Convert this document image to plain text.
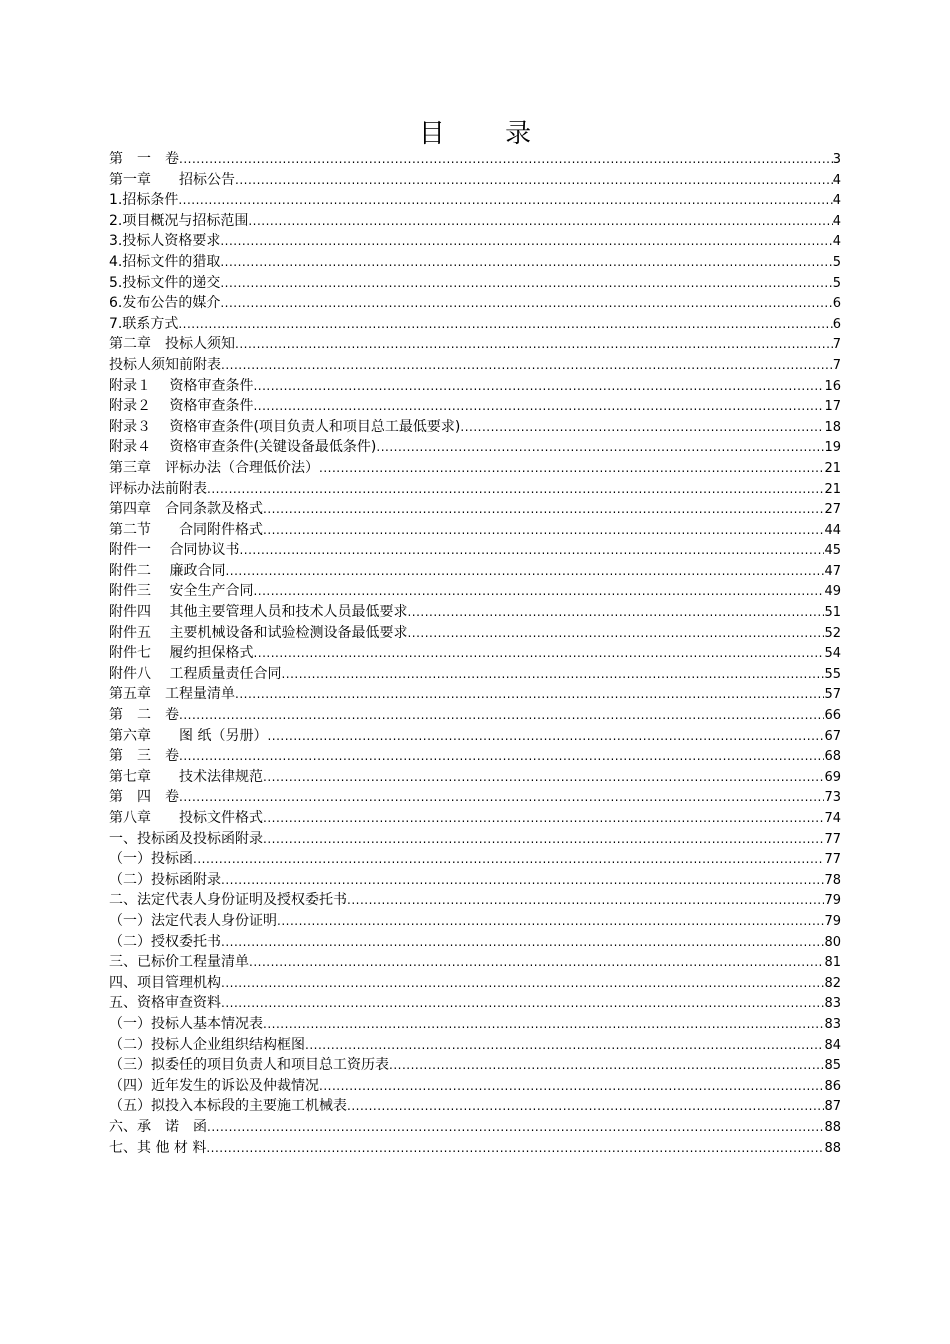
目 录
第　一　卷 .....	3
第一章　　招标公告 .....	4
1.招标条件 .....	4
2.项目概况与招标范围 .....	4
3.投标人资格要求 .....	4
4.招标文件的猎取 .....	5
5.投标文件的递交 .....	5
6.发布公告的媒介 .....	6
7.联系方式 .....	6
第二章　投标人须知 .....	7
投标人须知前附表 .....	7
附录１　 资格审查条件 .....	16
附录２　 资格审查条件 .....	17
附录３　 资格审查条件(项目负责人和项目总工最低要求) .....	18
附录４　 资格审查条件(关键设备最低条件) .....	19
第三章　评标办法（合理低价法） .....	21
评标办法前附表 .....	21
第四章　合同条款及格式 .....	27
第二节　　合同附件格式 .....	44
附件一　 合同协议书 .....	45
附件二　 廉政合同 .....	47
附件三　 安全生产合同 .....	49
附件四　 其他主要管理人员和技术人员最低要求 .....	51
附件五　 主要机械设备和试验检测设备最低要求 .....	52
附件七　 履约担保格式 .....	54
附件八　 工程质量责任合同 .....	55
第五章　工程量清单 .....	57
第　二　卷 .....	66
第六章　　图 纸（另册） .....	67
第　三　卷 .....	68
第七章　　技术法律规范 .....	69
第　四　卷 .....	73
第八章　　投标文件格式 .....	74
一、投标函及投标函附录 .....	77
（一）投标函 .....	77
（二）投标函附录 .....	78
二、法定代表人身份证明及授权委托书 .....	79
（一）法定代表人身份证明 .....	79
（二）授权委托书 .....	80
三、已标价工程量清单 .....	81
四、项目管理机构 .....	82
五、资格审查资料 .....	83
（一）投标人基本情况表 .....	83
（二）投标人企业组织结构框图 .....	84
（三）拟委任的项目负责人和项目总工资历表 .....	85
（四）近年发生的诉讼及仲裁情况 .....	86
（五）拟投入本标段的主要施工机械表 .....	87
六、承　诺　函 .....	88
七、其 他 材 料 .....	88
